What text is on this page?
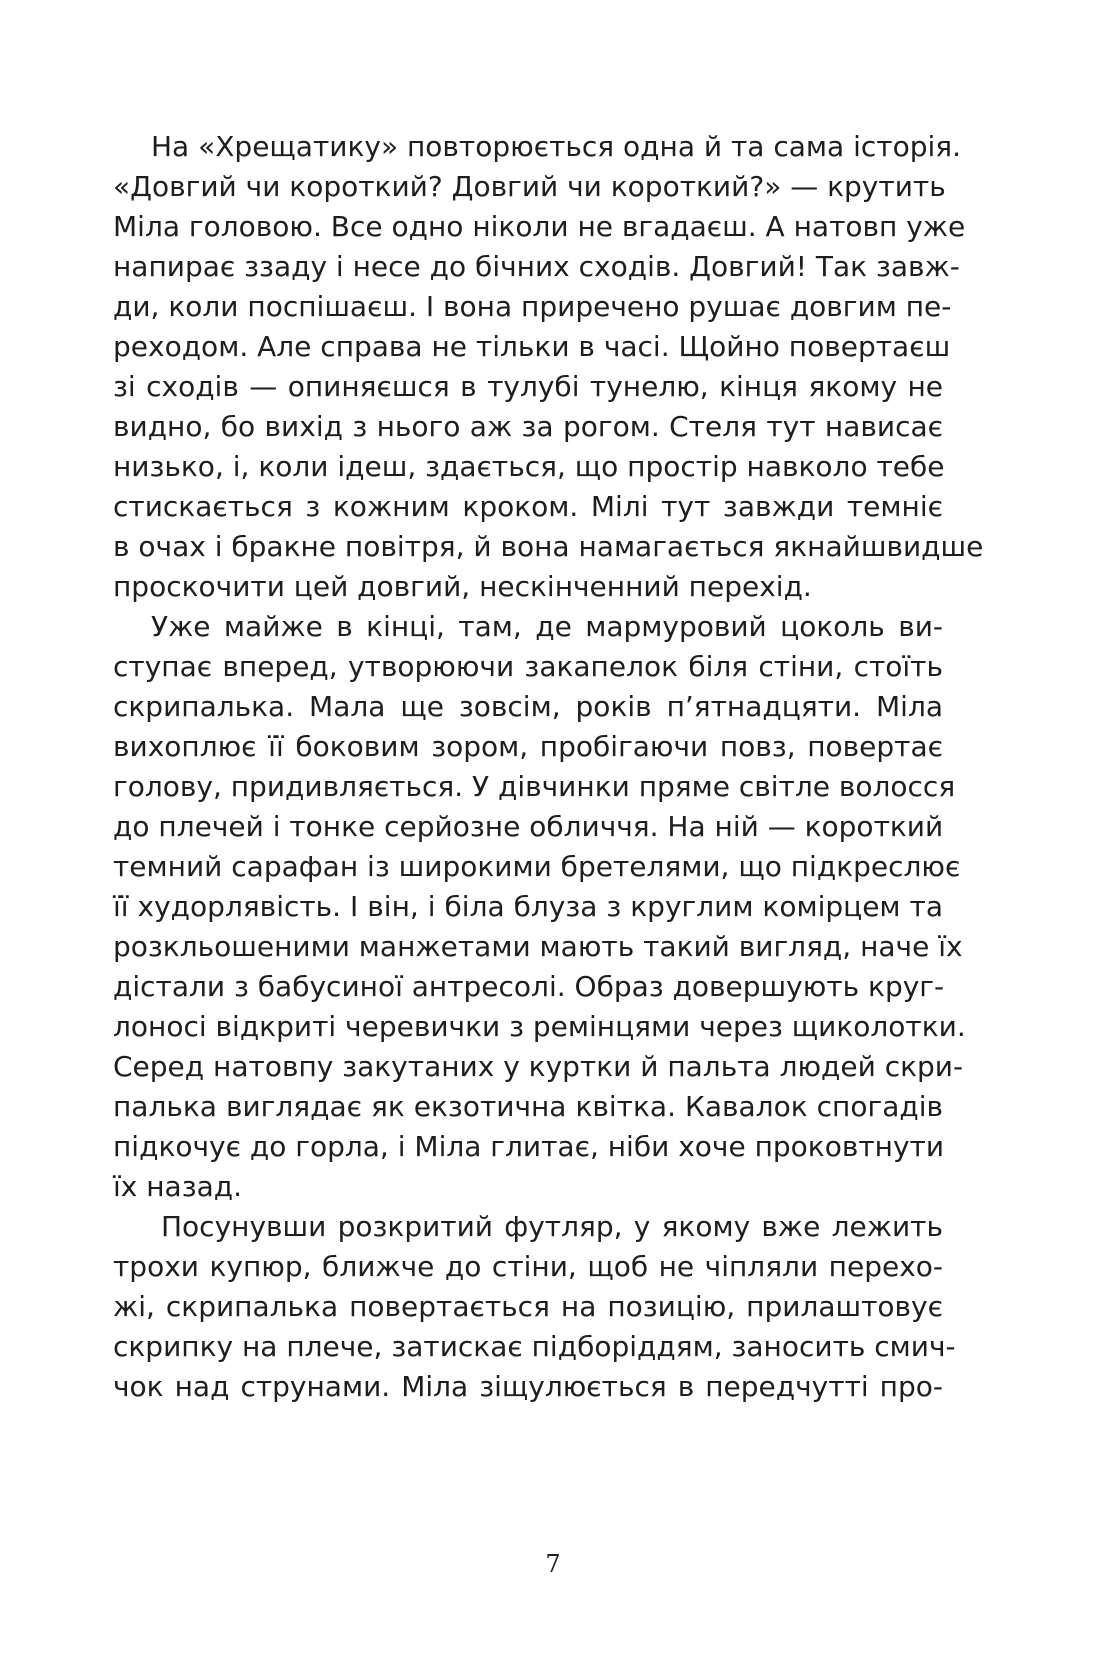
На «Хрещатику» повторюється одна й та сама історія.
«Довгий чи короткий? Довгий чи короткий?» — крутить
Міла головою. Все одно ніколи не вгадаєш. А натовп уже
напирає ззаду і несе до бічних сходів. Довгий! Так завж-
ди, коли поспішаєш. І вона приречено рушає довгим пе-
реходом. Але справа не тільки в часі. Щойно повертаєш
зі сходів — опиняєшся в тулубі тунелю, кінця якому не
видно, бо вихід з нього аж за рогом. Стеля тут нависає
низько, і, коли ідеш, здається, що простір навколо тебе
стискається з кожним кроком. Мілі тут завжди темніє
в очах і бракне повітря, й вона намагається якнайшвидше
проскочити цей довгий, нескінченний перехід.
Уже майже в кінці, там, де мармуровий цоколь ви-
ступає вперед, утворюючи закапелок біля стіни, стоїть
скрипалька. Мала ще зовсім, років п’ятнадцяти. Міла
вихоплює її боковим зором, пробігаючи повз, повертає
голову, придивляється. У дівчинки пряме світле волосся
до плечей і тонке серйозне обличчя. На ній — короткий
темний сарафан із широкими бретелями, що підкреслює
її худорлявість. І він, і біла блуза з круглим комірцем та
розкльошеними манжетами мають такий вигляд, наче їх
дістали з бабусиної антресолі. Образ довершують круг-
лоносі відкриті черевички з ремінцями через щиколотки.
Серед натовпу закутаних у куртки й пальта людей скри-
палька виглядає як екзотична квітка. Кавалок спогадів
підкочує до горла, і Міла глитає, ніби хоче проковтнути
їх назад.
Посунувши розкритий футляр, у якому вже лежить
трохи купюр, ближче до стіни, щоб не чіпляли перехо-
жі, скрипалька повертається на позицію, прилаштовує
скрипку на плече, затискає підборіддям, заносить смич-
чок над струнами. Міла зіщулюється в передчутті про-
7
